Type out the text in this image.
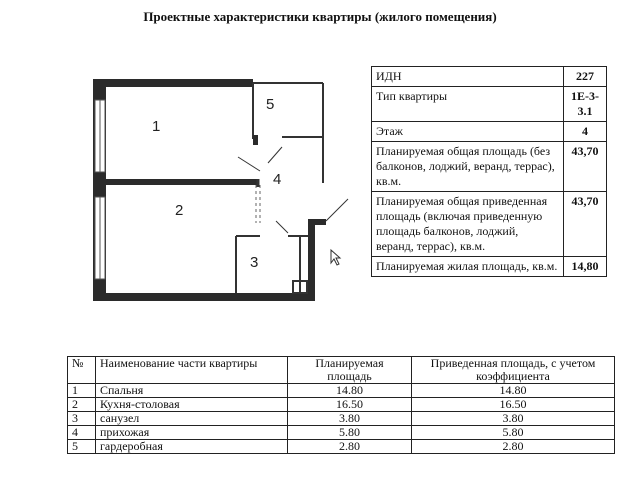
Проектные характеристики квартиры (жилого помещения)
1
2
3
4
5
ИДН	227
Тип квартиры	1Е-3-3.1
Этаж	4
Планируемая общая площадь (без балконов, лоджий, веранд, террас), кв.м.	43,70
Планируемая общая приведенная площадь (включая приведенную площадь балконов, лоджий, веранд, террас), кв.м.	43,70
Планируемая жилая площадь, кв.м.	14,80
№	Наименование части квартиры	Планируемая площадь	Приведенная площадь, с учетом коэффициента
1	Спальня	14.80	14.80
2	Кухня-столовая	16.50	16.50
3	санузел	3.80	3.80
4	прихожая	5.80	5.80
5	гардеробная	2.80	2.80
